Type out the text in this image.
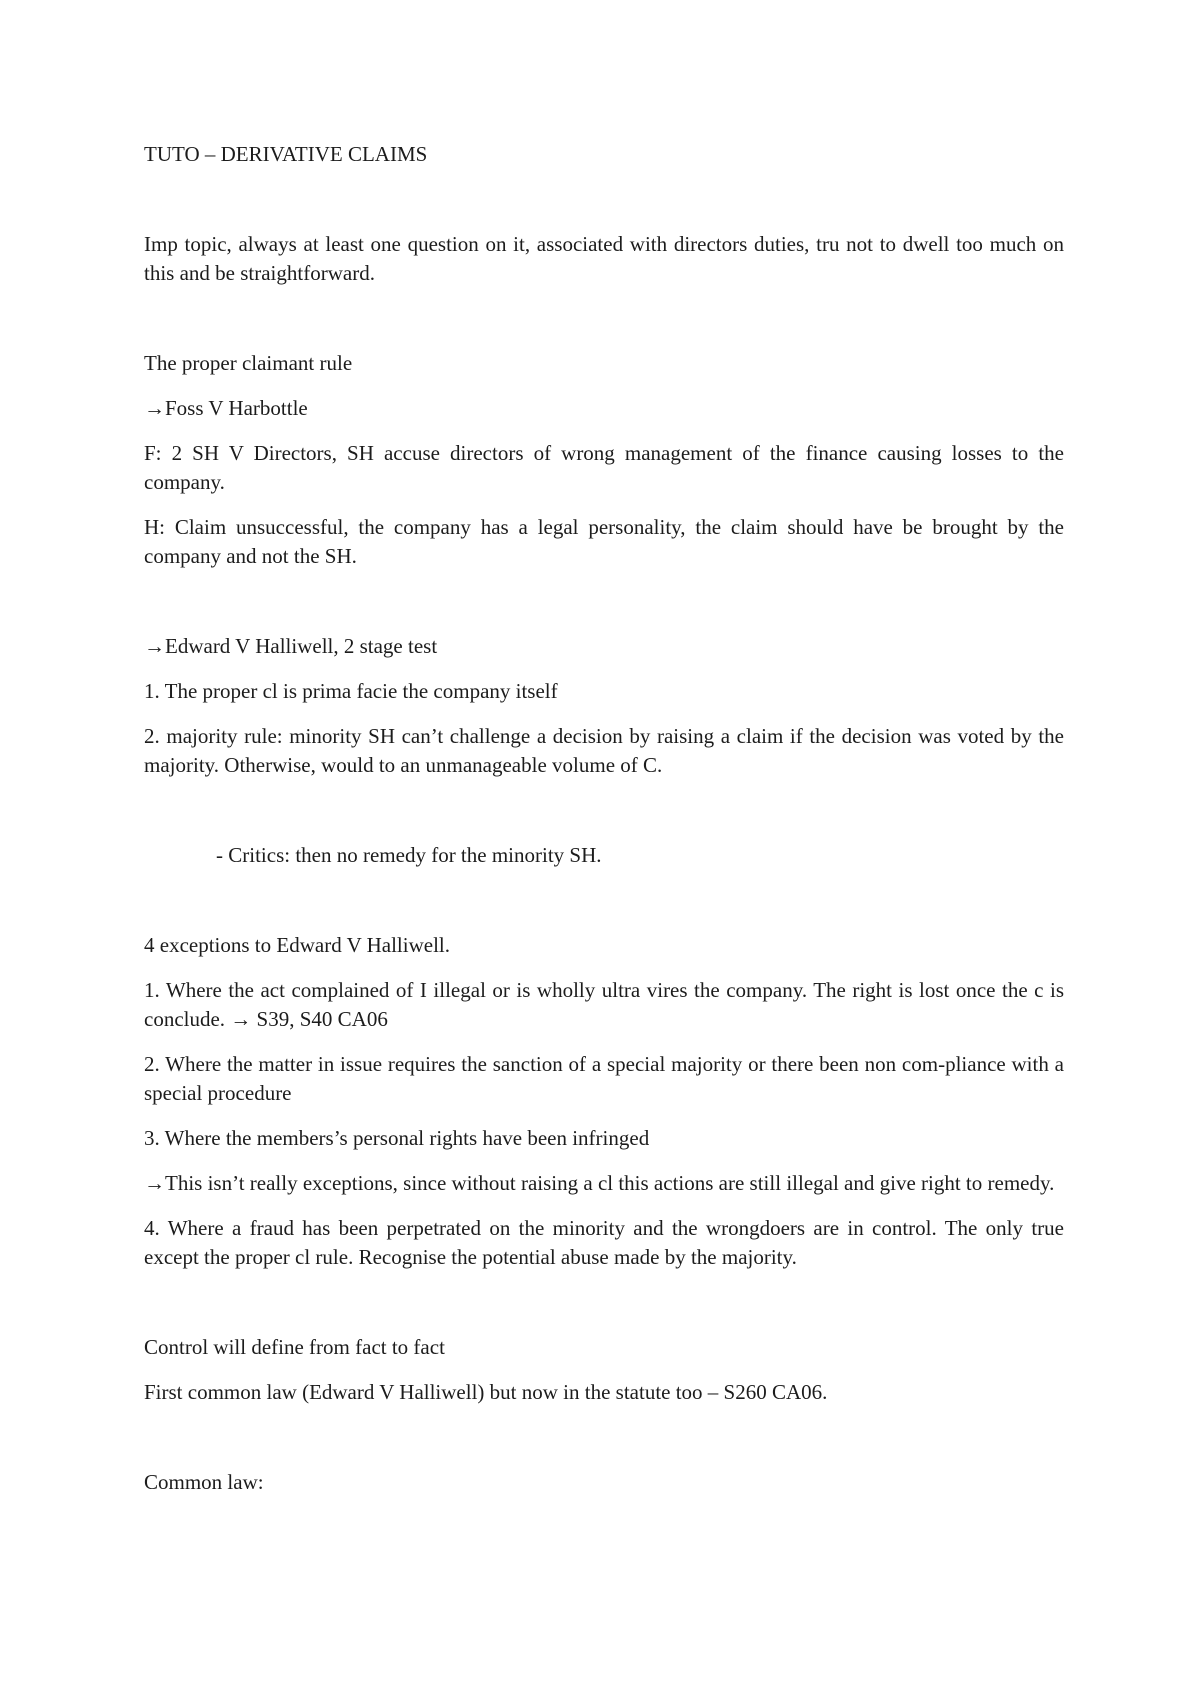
TUTO – DERIVATIVE CLAIMS

Imp topic, always at least one question on it, associated with directors duties, tru not to dwell too much on this and be straightforward.

The proper claimant rule

→Foss V Harbottle

F: 2 SH V Directors, SH accuse directors of wrong management of the finance causing losses to the company.

H: Claim unsuccessful, the company has a legal personality, the claim should have be brought by the company and not the SH.

→Edward V Halliwell, 2 stage test

1. The proper cl is prima facie the company itself

2. majority rule: minority SH can’t challenge a decision by raising a claim if the decision was voted by the majority. Otherwise, would to an unmanageable volume of C.

- Critics: then no remedy for the minority SH.

4 exceptions to Edward V Halliwell.

1. Where the act complained of I illegal or is wholly ultra vires the company. The right is lost once the c is conclude. → S39, S40 CA06

2. Where the matter in issue requires the sanction of a special majority or there been non com-pliance with a special procedure

3. Where the members’s personal rights have been infringed

→This isn’t really exceptions, since without raising a cl this actions are still illegal and give right to remedy.

4. Where a fraud has been perpetrated on the minority and the wrongdoers are in control. The only true except the proper cl rule. Recognise the potential abuse made by the majority.

Control will define from fact to fact

First common law (Edward V Halliwell) but now in the statute too – S260 CA06.

Common law:
